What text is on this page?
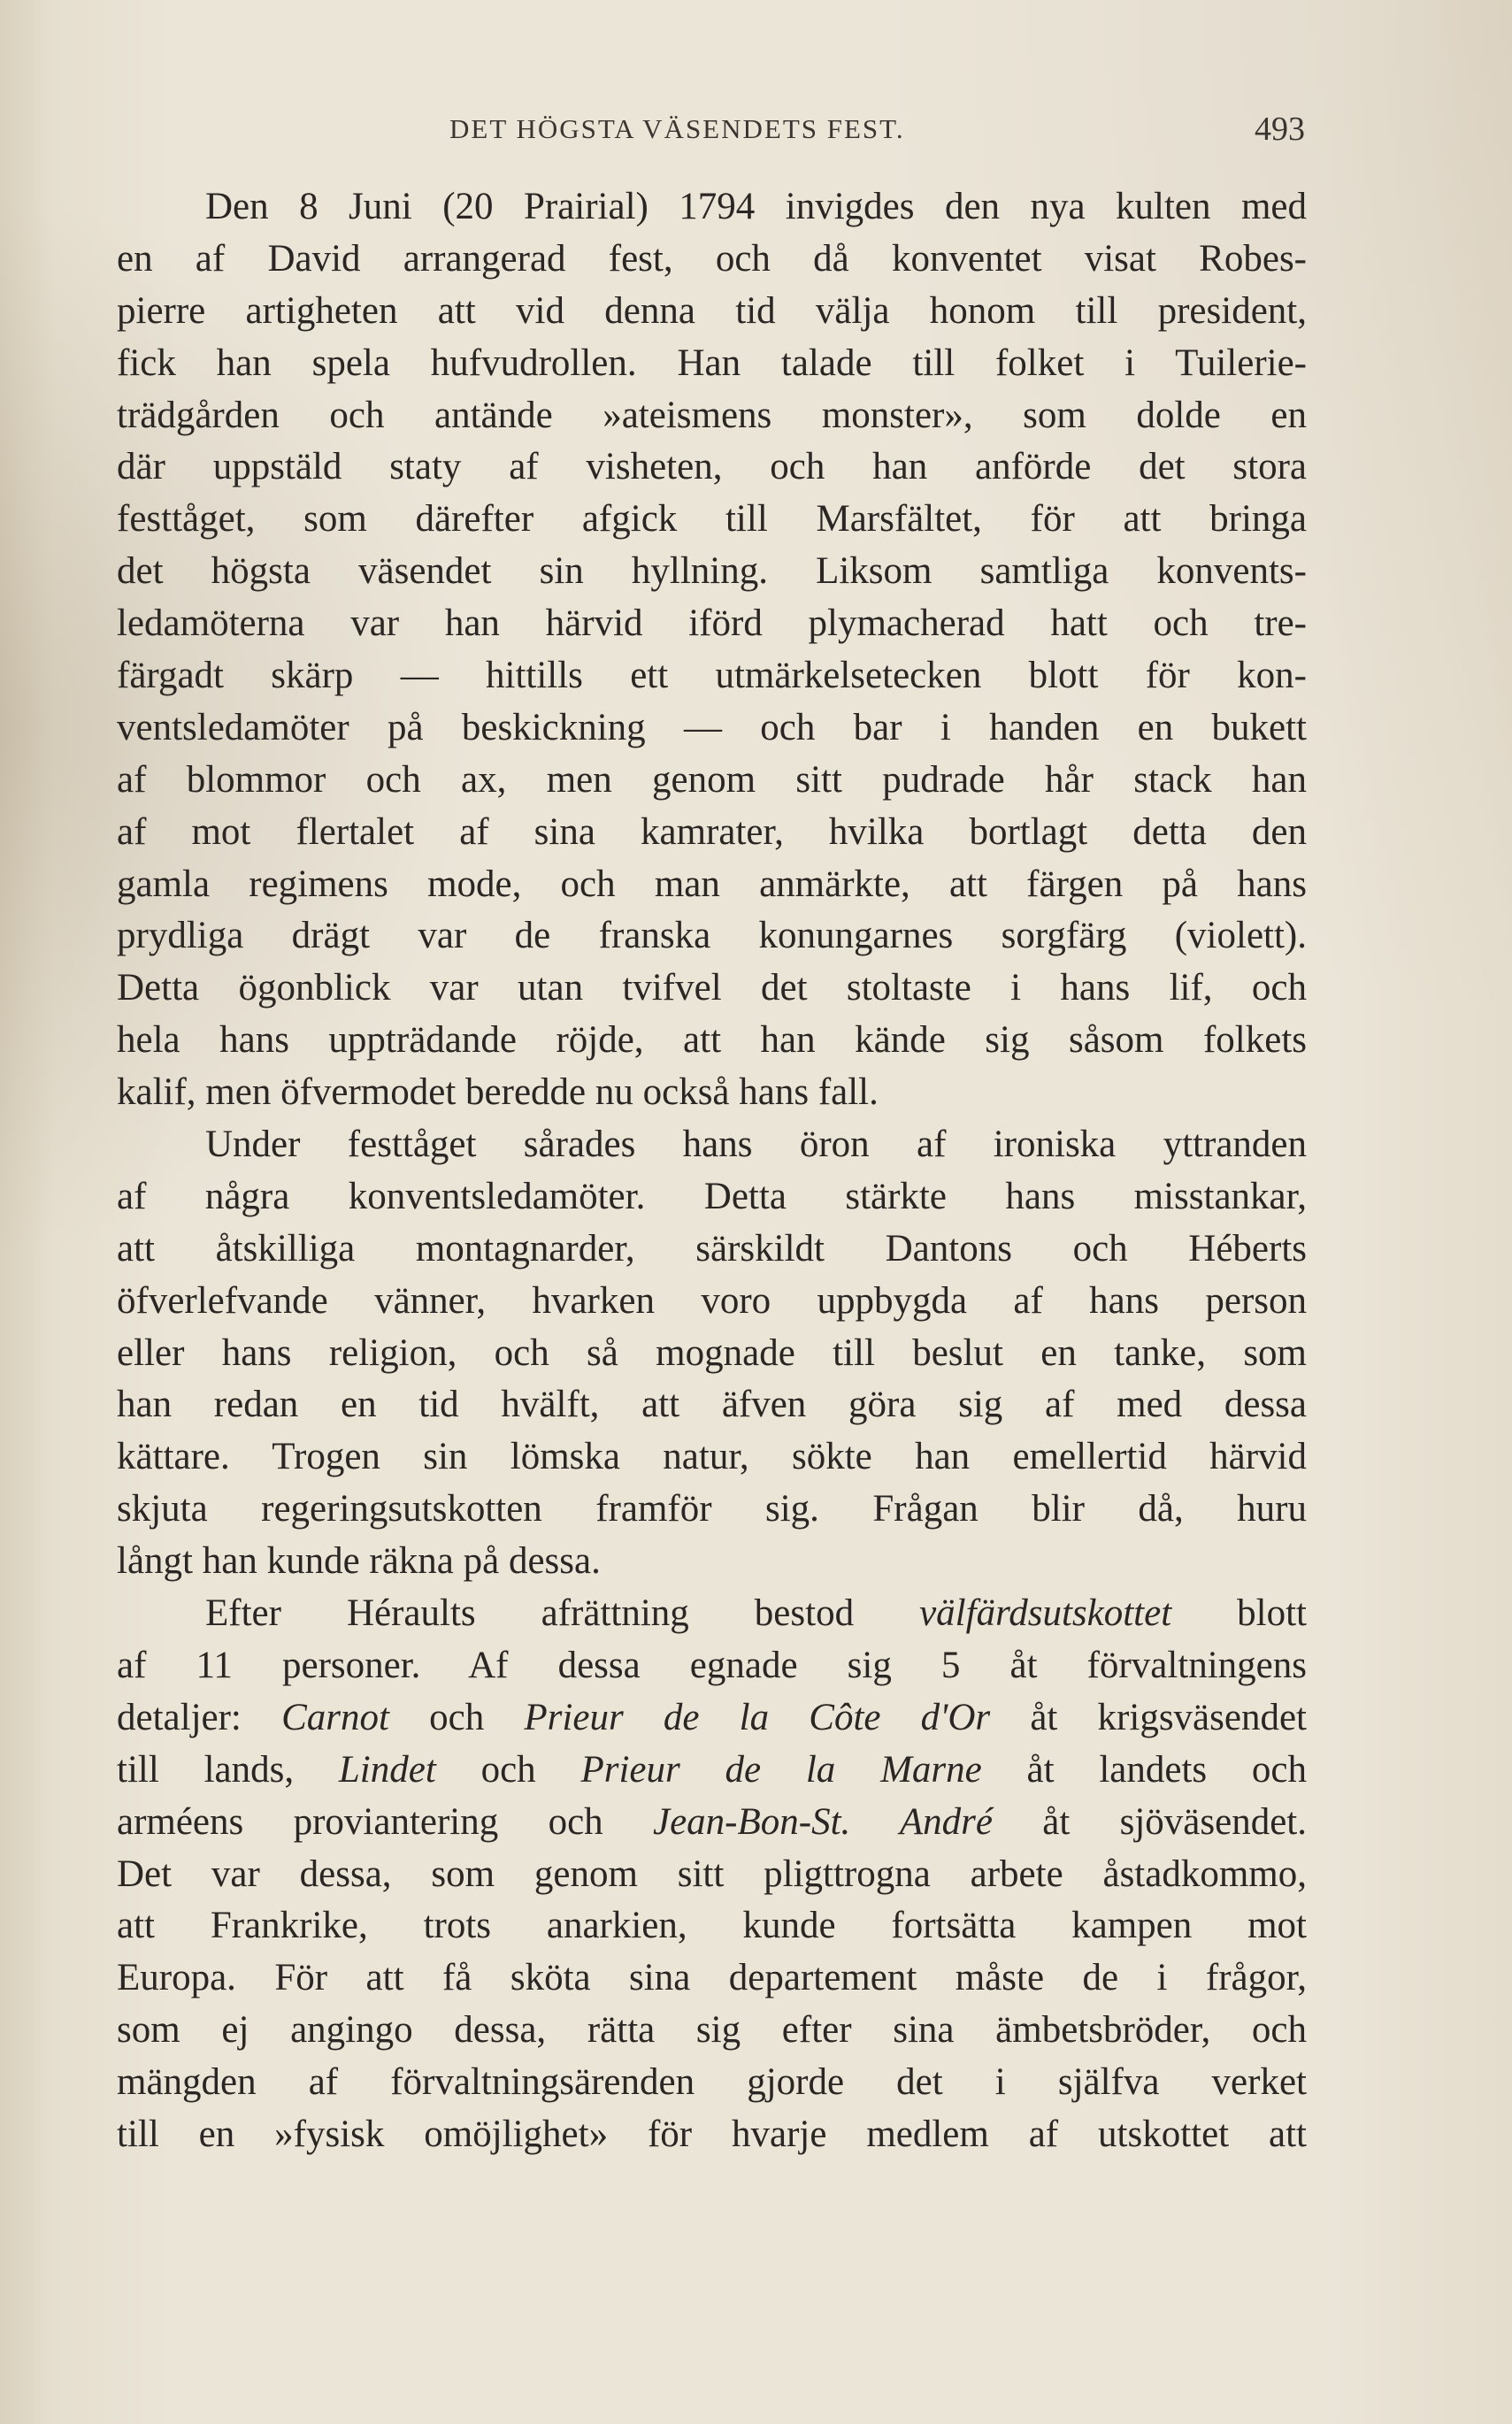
DET HÖGSTA VÄSENDETS FEST.	493
Den 8 Juni (20 Prairial) 1794 invigdes den nya kulten med
en af David arrangerad fest, och då konventet visat Robes-
pierre artigheten att vid denna tid välja honom till president,
fick han spela hufvudrollen. Han talade till folket i Tuilerie-
trädgården och antände »ateismens monster», som dolde en
där uppstäld staty af visheten, och han anförde det stora
festtåget, som därefter afgick till Marsfältet, för att bringa
det högsta väsendet sin hyllning. Liksom samtliga konvents-
ledamöterna var han härvid iförd plymacherad hatt och tre-
färgadt skärp — hittills ett utmärkelsetecken blott för kon-
ventsledamöter på beskickning — och bar i handen en bukett
af blommor och ax, men genom sitt pudrade hår stack han
af mot flertalet af sina kamrater, hvilka bortlagt detta den
gamla regimens mode, och man anmärkte, att färgen på hans
prydliga drägt var de franska konungarnes sorgfärg (violett).
Detta ögonblick var utan tvifvel det stoltaste i hans lif, och
hela hans uppträdande röjde, att han kände sig såsom folkets
kalif, men öfvermodet beredde nu också hans fall.
Under festtåget sårades hans öron af ironiska yttranden
af några konventsledamöter. Detta stärkte hans misstankar,
att åtskilliga montagnarder, särskildt Dantons och Héberts
öfverlefvande vänner, hvarken voro uppbygda af hans person
eller hans religion, och så mognade till beslut en tanke, som
han redan en tid hvälft, att äfven göra sig af med dessa
kättare. Trogen sin lömska natur, sökte han emellertid härvid
skjuta regeringsutskotten framför sig. Frågan blir då, huru
långt han kunde räkna på dessa.
Efter Héraults afrättning bestod välfärdsutskottet blott
af 11 personer. Af dessa egnade sig 5 åt förvaltningens
detaljer: Carnot och Prieur de la Côte d'Or åt krigsväsendet
till lands, Lindet och Prieur de la Marne åt landets och
arméens proviantering och Jean-Bon-St. André åt sjöväsendet.
Det var dessa, som genom sitt pligttrogna arbete åstadkommo,
att Frankrike, trots anarkien, kunde fortsätta kampen mot
Europa. För att få sköta sina departement måste de i frågor,
som ej angingo dessa, rätta sig efter sina ämbetsbröder, och
mängden af förvaltningsärenden gjorde det i själfva verket
till en »fysisk omöjlighet» för hvarje medlem af utskottet att
